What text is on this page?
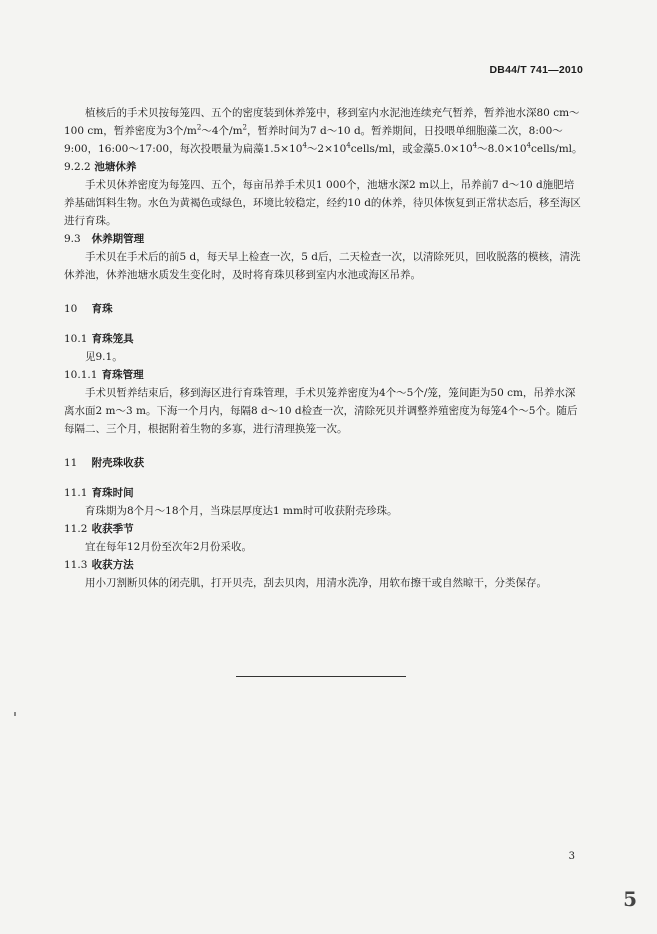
DB44/T 741—2010

植核后的手术贝按每笼四、五个的密度装到休养笼中，移到室内水泥池连续充气暂养，暂养池水深80 cm～100 cm，暂养密度为3个$/m^2\sim 4$个$/m^2$，暂养时间为7 d～10 d。暂养期间，日投喂单细胞藻二次，8:00～9:00，16:00～17:00，每次投喂量为扁藻$1.5\times 10^4\sim 2\times 10^4cells/ml$，或金藻$5.0\times 10^4\sim 8.0\times 10^4cells/ml$。

9.2.2 池塘休养

手术贝休养密度为每笼四、五个，每亩吊养手术贝1 000个，池塘水深2 m以上，吊养前7 d～10 d施肥培养基础饵料生物。水色为黄褐色或绿色，环境比较稳定，经约10 d的休养，待贝体恢复到正常状态后，移至海区进行育珠。

9.3 休养期管理

手术贝在手术后的前5 d，每天早上检查一次，5 d后，二天检查一次，以清除死贝，回收脱落的模核，清洗休养池，休养池塘水质发生变化时，及时将育珠贝移到室内水池或海区吊养。

10 育珠
10.1 育珠笼具

见9.1。

10.1.1 育珠管理

手术贝暂养结束后，移到海区进行育珠管理，手术贝笼养密度为4个～5个/笼，笼间距为50 cm，吊养水深离水面2 m～3 m。下海一个月内，每隔8 d～10 d检查一次，清除死贝并调整养殖密度为每笼4个～5个。随后每隔二、三个月，根据附着生物的多寡，进行清理换笼一次。

11 附壳珠收获
11.1 育珠时间

育珠期为8个月～18个月，当珠层厚度达1 mm时可收获附壳珍珠。

11.2 收获季节

宜在每年12月份至次年2月份采收。

11.3 收获方法

用小刀割断贝体的闭壳肌，打开贝壳，刮去贝肉，用清水洗净，用软布擦干或自然晾干，分类保存。

3
5
